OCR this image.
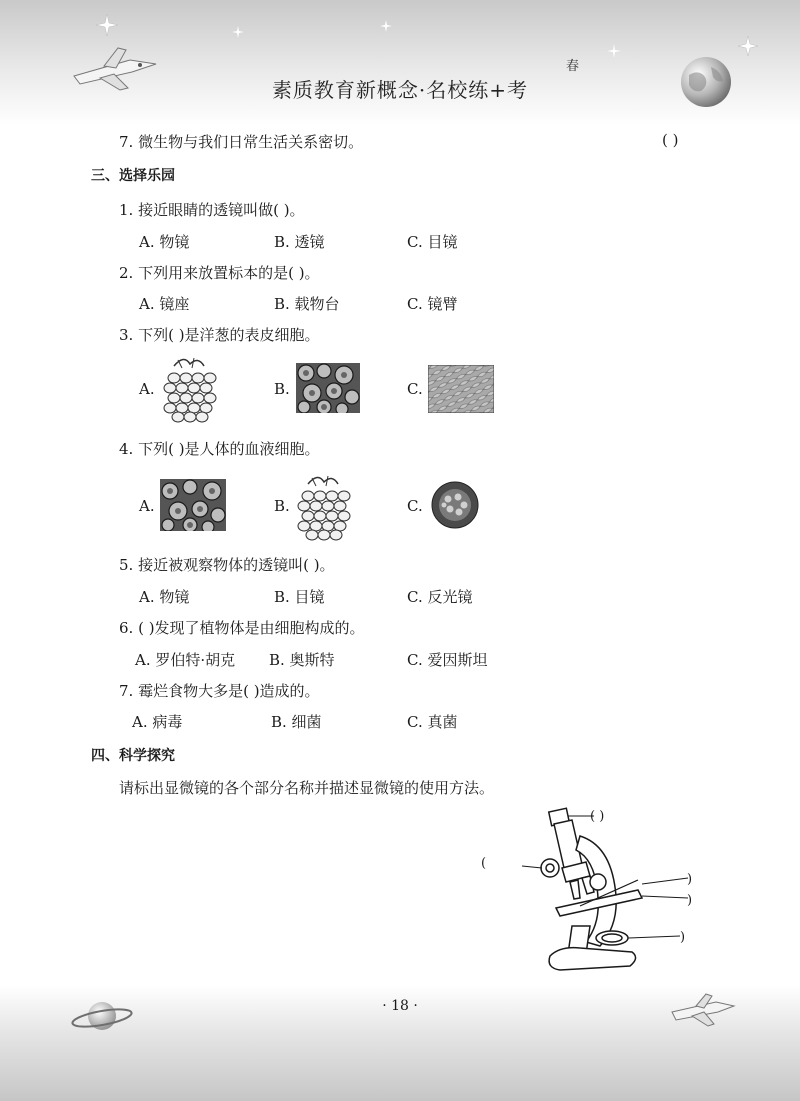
素质教育新概念·名校练+考
春
7. 微生物与我们日常生活关系密切。	( )
三、选择乐园
1. 接近眼睛的透镜叫做( )。
A. 物镜	B. 透镜	C. 目镜
2. 下列用来放置标本的是( )。
A. 镜座	B. 载物台	C. 镜臂
3. 下列( )是洋葱的表皮细胞。
A.	B.	C.
4. 下列( )是人体的血液细胞。
A.	B.	C.
5. 接近被观察物体的透镜叫( )。
A. 物镜	B. 目镜	C. 反光镜
6. ( )发现了植物体是由细胞构成的。
A. 罗伯特·胡克 B. 奥斯特	C. 爱因斯坦
7. 霉烂食物大多是( )造成的。
A. 病毒	B. 细菌	C. 真菌
四、科学探究
请标出显微镜的各个部分名称并描述显微镜的使用方法。
( )
(
)
)
)
· 18 ·
